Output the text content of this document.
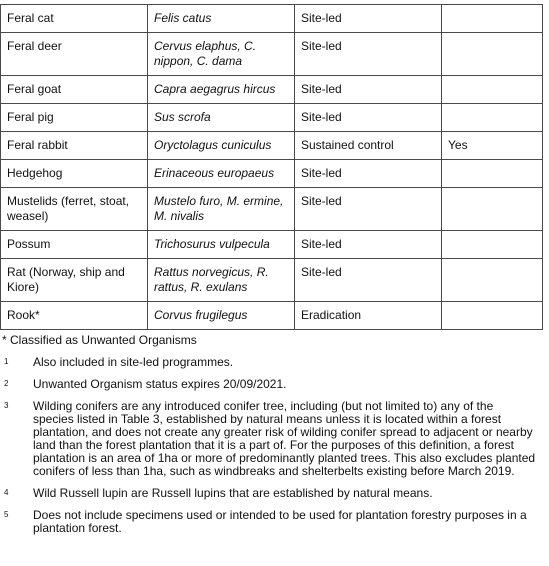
Feral cat	Felis catus	Site-led	
Feral deer	Cervus elaphus, C. nippon, C. dama	Site-led	
Feral goat	Capra aegagrus hircus	Site-led	
Feral pig	Sus scrofa	Site-led	
Feral rabbit	Oryctolagus cuniculus	Sustained control	Yes
Hedgehog	Erinaceous europaeus	Site-led	
Mustelids (ferret, stoat, weasel)	Mustelo furo, M. ermine, M. nivalis	Site-led	
Possum	Trichosurus vulpecula	Site-led	
Rat (Norway, ship and Kiore)	Rattus norvegicus, R. rattus, R. exulans	Site-led	
Rook*	Corvus frugilegus	Eradication	
* Classified as Unwanted Organisms
1	Also included in site-led programmes.
2	Unwanted Organism status expires 20/09/2021.
3	Wilding conifers are any introduced conifer tree, including (but not limited to) any of the species listed in Table 3, established by natural means unless it is located within a forest plantation, and does not create any greater risk of wilding conifer spread to adjacent or nearby land than the forest plantation that it is a part of. For the purposes of this definition, a forest plantation is an area of 1ha or more of predominantly planted trees. This also excludes planted conifers of less than 1ha, such as windbreaks and shelterbelts existing before March 2019.
4	Wild Russell lupin are Russell lupins that are established by natural means.
5	Does not include specimens used or intended to be used for plantation forestry purposes in a plantation forest.
